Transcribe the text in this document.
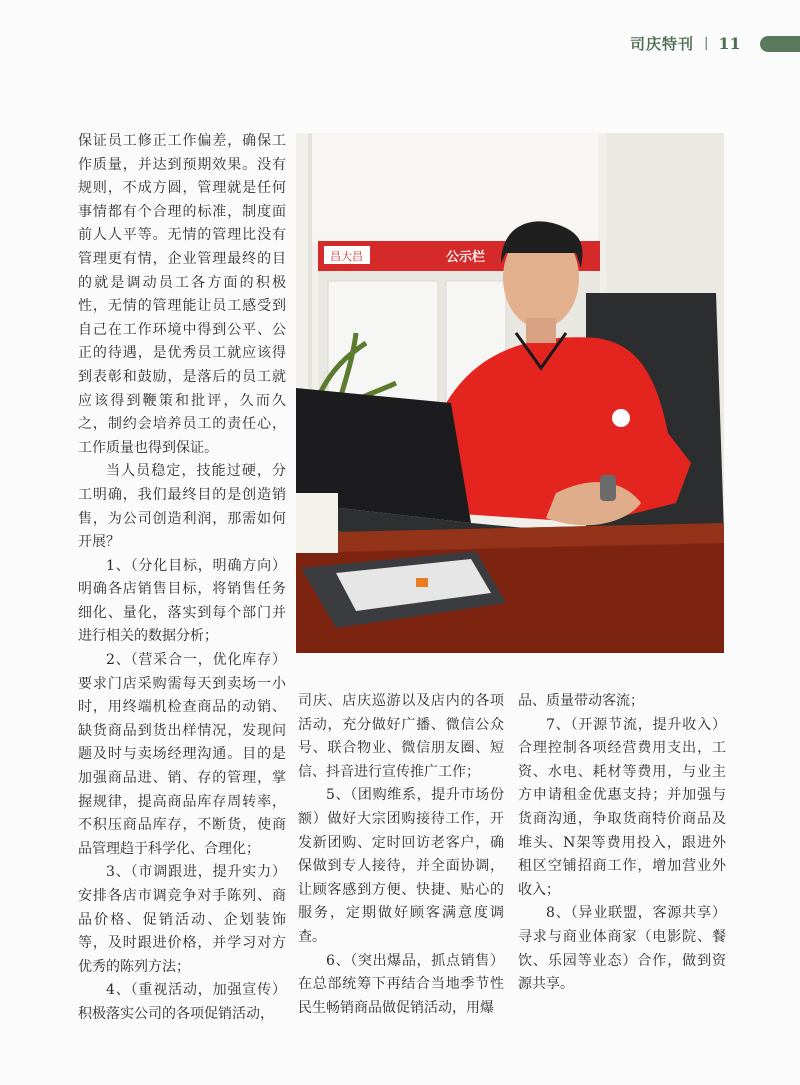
司庆特刊 | 11
昌大昌	公示栏

保证员工修正工作偏差，确保工作质量，并达到预期效果。没有规则，不成方圆，管理就是任何事情都有个合理的标准，制度面前人人平等。无情的管理比没有管理更有情，企业管理最终的目的就是调动员工各方面的积极性，无情的管理能让员工感受到自己在工作环境中得到公平、公正的待遇，是优秀员工就应该得到表彰和鼓励，是落后的员工就应该得到鞭策和批评，久而久之，制约会培养员工的责任心，工作质量也得到保证。

当人员稳定，技能过硬，分工明确，我们最终目的是创造销售，为公司创造利润，那需如何开展？

1、（分化目标，明确方向）明确各店销售目标，将销售任务细化、量化，落实到每个部门并进行相关的数据分析；

2、（营采合一，优化库存）要求门店采购需每天到卖场一小时，用终端机检查商品的动销、缺货商品到货出样情况，发现问题及时与卖场经理沟通。目的是加强商品进、销、存的管理，掌握规律，提高商品库存周转率，不积压商品库存，不断货，使商品管理趋于科学化、合理化；

3、（市调跟进，提升实力）安排各店市调竞争对手陈列、商品价格、促销活动、企划装饰等，及时跟进价格，并学习对方优秀的陈列方法；

4、（重视活动，加强宣传）积极落实公司的各项促销活动，

司庆、店庆巡游以及店内的各项活动，充分做好广播、微信公众号、联合物业、微信朋友圈、短信、抖音进行宣传推广工作；

5、（团购维系，提升市场份额）做好大宗团购接待工作，开发新团购、定时回访老客户，确保做到专人接待，并全面协调，让顾客感到方便、快捷、贴心的服务，定期做好顾客满意度调查。

6、（突出爆品，抓点销售）在总部统筹下再结合当地季节性民生畅销商品做促销活动，用爆

品、质量带动客流；

7、（开源节流，提升收入）合理控制各项经营费用支出，工资、水电、耗材等费用，与业主方申请租金优惠支持；并加强与货商沟通，争取货商特价商品及堆头、N架等费用投入，跟进外租区空铺招商工作，增加营业外收入；

8、（异业联盟，客源共享）寻求与商业体商家（电影院、餐饮、乐园等业态）合作，做到资源共享。
